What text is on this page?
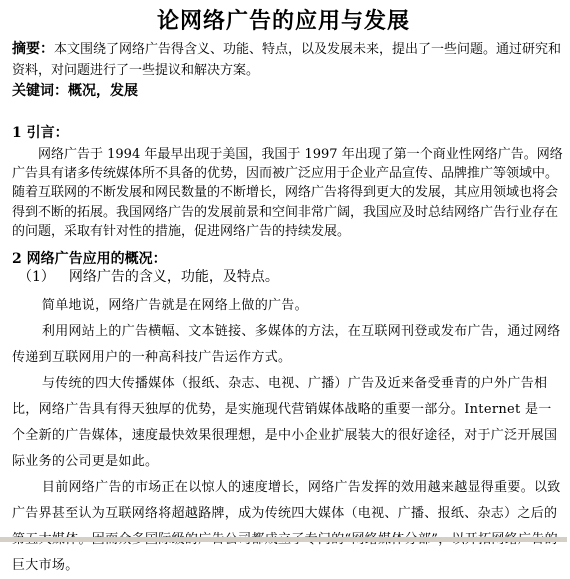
论网络广告的应用与发展
摘要：本文围绕了网络广告得含义、功能、特点，以及发展未来，提出了一些问题。通过研究和资料，对问题进行了一些提议和解决方案。
关键词：概况，发展
1 引言：
网络广告于 1994 年最早出现于美国，我国于 1997 年出现了第一个商业性网络广告。网络广告具有诸多传统媒体所不具备的优势，因而被广泛应用于企业产品宣传、品牌推广等领域中。随着互联网的不断发展和网民数量的不断增长，网络广告将得到更大的发展，其应用领域也将会得到不断的拓展。我国网络广告的发展前景和空间非常广阔，我国应及时总结网络广告行业存在的问题，采取有针对性的措施，促进网络广告的持续发展。
2 网络广告应用的概况：
（1） 网络广告的含义，功能，及特点。
简单地说，网络广告就是在网络上做的广告。
利用网站上的广告横幅、文本链接、多媒体的方法，在互联网刊登或发布广告，通过网络传递到互联网用户的一种高科技广告运作方式。
与传统的四大传播媒体（报纸、杂志、电视、广播）广告及近来备受垂青的户外广告相比，网络广告具有得天独厚的优势，是实施现代营销媒体战略的重要一部分。Internet 是一个全新的广告媒体，速度最快效果很理想，是中小企业扩展装大的很好途径，对于广泛开展国际业务的公司更是如此。
目前网络广告的市场正在以惊人的速度增长，网络广告发挥的效用越来越显得重要。以致广告界甚至认为互联网络将超越路牌，成为传统四大媒体（电视、广播、报纸、杂志）之后的 巨大市场。
